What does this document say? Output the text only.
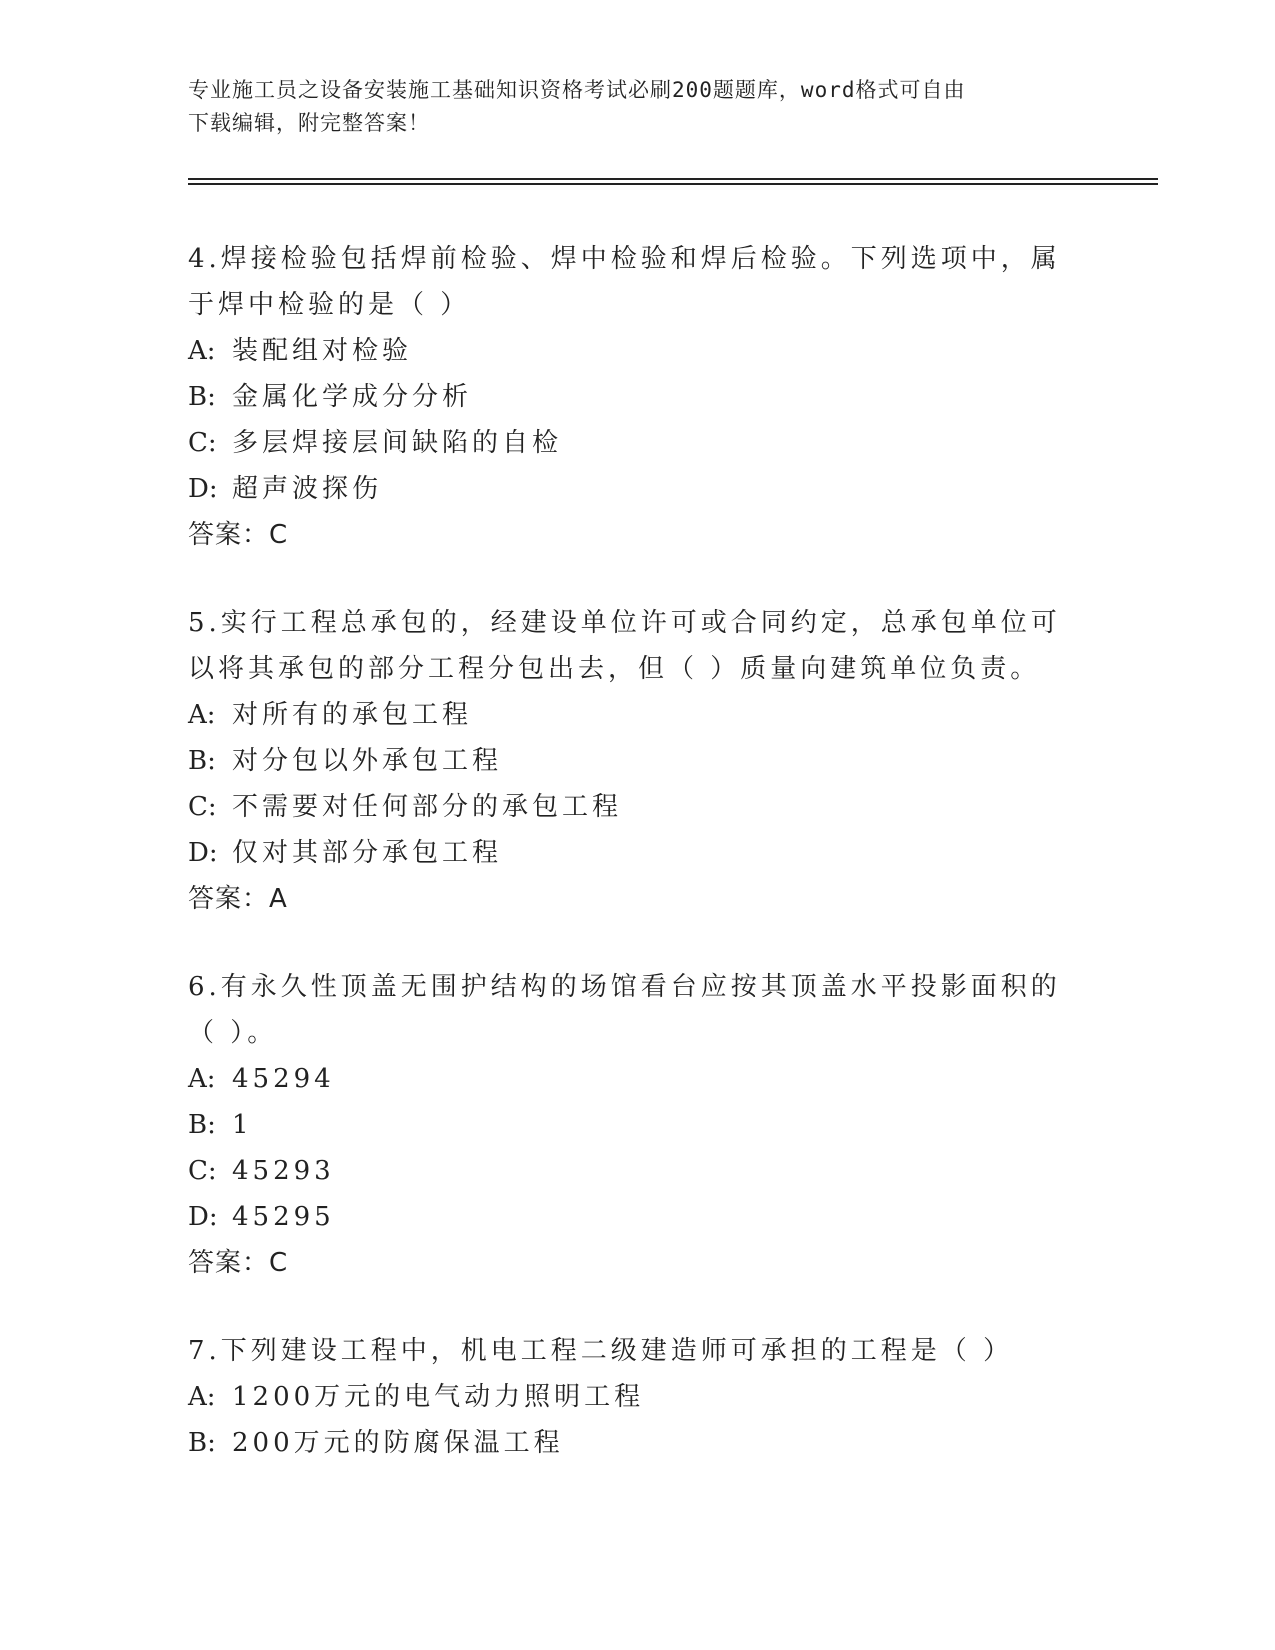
专业施工员之设备安装施工基础知识资格考试必刷200题题库，word格式可自由
下载编辑，附完整答案！
4.焊接检验包括焊前检验、焊中检验和焊后检验。下列选项中，属于焊中检验的是（ ）
A: 装配组对检验
B: 金属化学成分分析
C: 多层焊接层间缺陷的自检
D: 超声波探伤
答案：C
5.实行工程总承包的，经建设单位许可或合同约定，总承包单位可以将其承包的部分工程分包出去，但（ ）质量向建筑单位负责。
A: 对所有的承包工程
B: 对分包以外承包工程
C: 不需要对任何部分的承包工程
D: 仅对其部分承包工程
答案：A
6.有永久性顶盖无围护结构的场馆看台应按其顶盖水平投影面积的（ ）。
A: 45294
B: 1
C: 45293
D: 45295
答案：C
7.下列建设工程中，机电工程二级建造师可承担的工程是（ ）
A: 1200万元的电气动力照明工程
B: 200万元的防腐保温工程
